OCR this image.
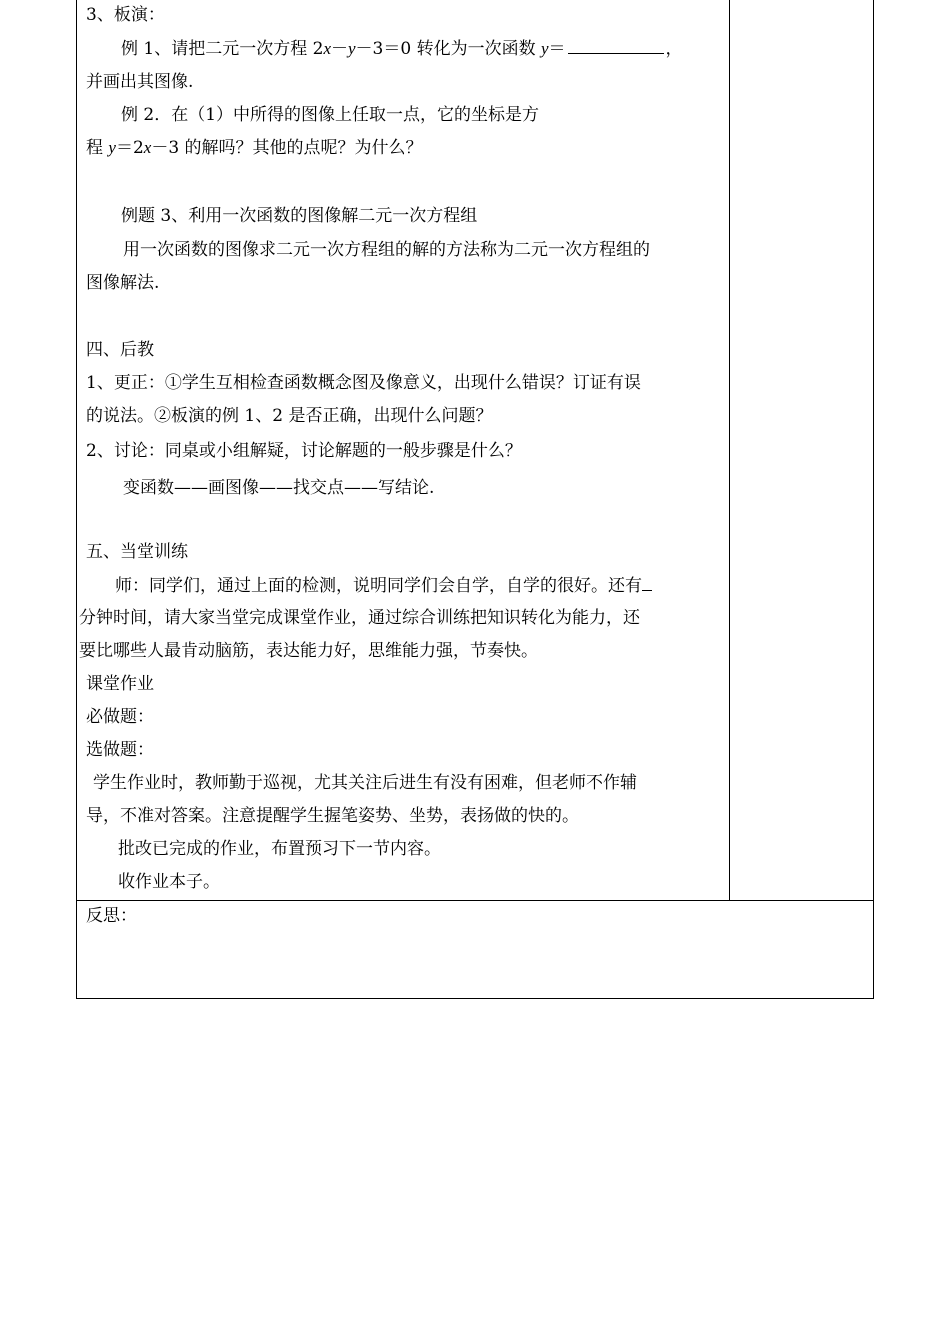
3、板演：
例 1、请把二元一次方程 2x－y－3＝0 转化为一次函数 y＝	，
并画出其图像.
例 2．在（1）中所得的图像上任取一点，它的坐标是方
程 y＝2x－3 的解吗？其他的点呢？为什么？
例题 3、利用一次函数的图像解二元一次方程组
用一次函数的图像求二元一次方程组的解的方法称为二元一次方程组的
图像解法.
四、后教
1、更正：①学生互相检查函数概念图及像意义，出现什么错误？订证有误
的说法。②板演的例 1、2 是否正确，出现什么问题？
2、讨论：同桌或小组解疑，讨论解题的一般步骤是什么？
变函数——画图像——找交点——写结论.
五、当堂训练
师：同学们，通过上面的检测，说明同学们会自学，自学的很好。还有
分钟时间，请大家当堂完成课堂作业，通过综合训练把知识转化为能力，还
要比哪些人最肯动脑筋，表达能力好，思维能力强，节奏快。
课堂作业
必做题：
选做题：
学生作业时，教师勤于巡视，尤其关注后进生有没有困难，但老师不作辅
导，不准对答案。注意提醒学生握笔姿势、坐势，表扬做的快的。
批改已完成的作业，布置预习下一节内容。
收作业本子。
反思：
